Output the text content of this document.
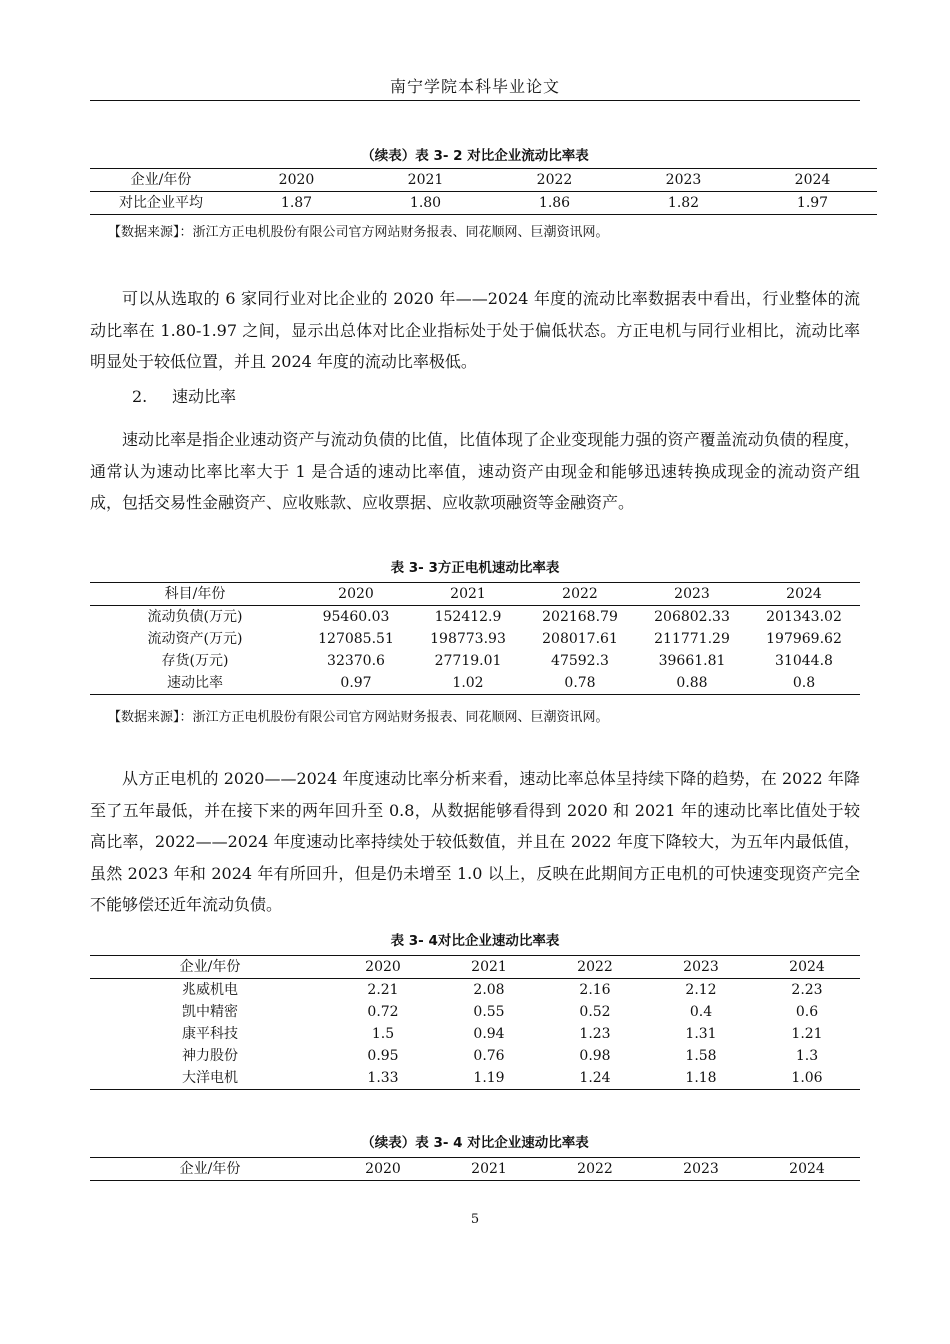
南宁学院本科毕业论文
（续表）表 3- 2 对比企业流动比率表
企业/年份	2020	2021	2022	2023	2024
对比企业平均	1.87	1.80	1.86	1.82	1.97
【数据来源】：浙江方正电机股份有限公司官方网站财务报表、同花顺网、巨潮资讯网。

可以从选取的 6 家同行业对比企业的 2020 年——2024 年度的流动比率数据表中看出，行业整体的流动比率在 1.80-1.97 之间，显示出总体对比企业指标处于处于偏低状态。方正电机与同行业相比，流动比率明显处于较低位置，并且 2024 年度的流动比率极低。

2. 速动比率

速动比率是指企业速动资产与流动负债的比值，比值体现了企业变现能力强的资产覆盖流动负债的程度，通常认为速动比率比率大于 1 是合适的速动比率值，速动资产由现金和能够迅速转换成现金的流动资产组成，包括交易性金融资产、应收账款、应收票据、应收款项融资等金融资产。

表 3- 3方正电机速动比率表
科目/年份	2020	2021	2022	2023	2024
流动负债(万元)	95460.03	152412.9	202168.79	206802.33	201343.02
流动资产(万元)	127085.51	198773.93	208017.61	211771.29	197969.62
存货(万元)	32370.6	27719.01	47592.3	39661.81	31044.8
速动比率	0.97	1.02	0.78	0.88	0.8
【数据来源】：浙江方正电机股份有限公司官方网站财务报表、同花顺网、巨潮资讯网。

从方正电机的 2020——2024 年度速动比率分析来看，速动比率总体呈持续下降的趋势，在 2022 年降至了五年最低，并在接下来的两年回升至 0.8，从数据能够看得到 2020 和 2021 年的速动比率比值处于较高比率，2022——2024 年度速动比率持续处于较低数值，并且在 2022 年度下降较大，为五年内最低值，虽然 2023 年和 2024 年有所回升，但是仍未增至 1.0 以上，反映在此期间方正电机的可快速变现资产完全不能够偿还近年流动负债。

表 3- 4对比企业速动比率表
企业/年份	2020	2021	2022	2023	2024
兆威机电	2.21	2.08	2.16	2.12	2.23
凯中精密	0.72	0.55	0.52	0.4	0.6
康平科技	1.5	0.94	1.23	1.31	1.21
神力股份	0.95	0.76	0.98	1.58	1.3
大洋电机	1.33	1.19	1.24	1.18	1.06
（续表）表 3- 4 对比企业速动比率表
企业/年份	2020	2021	2022	2023	2024
5
